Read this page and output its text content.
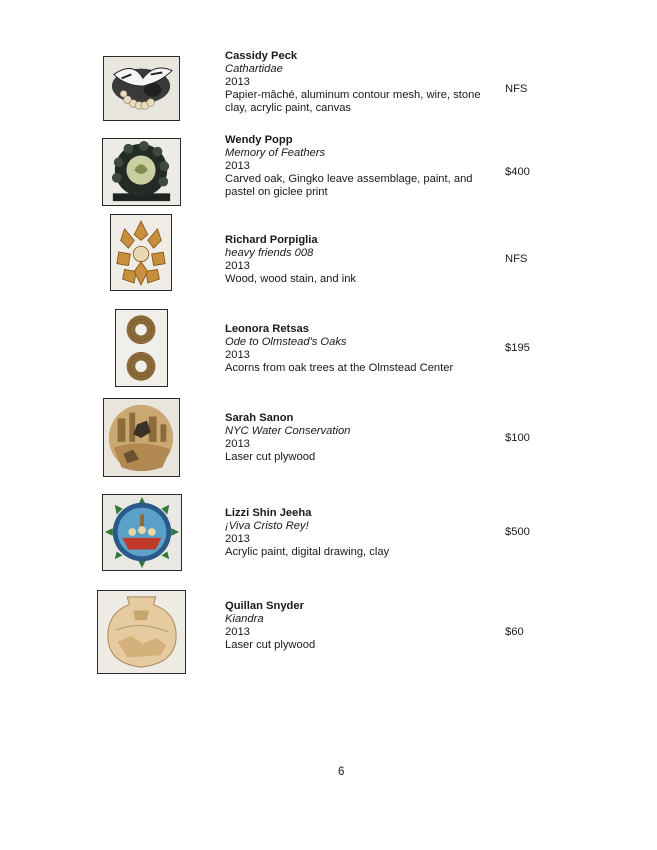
Cassidy Peck
Cathartidae
2013
Papier-mâché, aluminum contour mesh, wire, stone clay, acrylic paint, canvas
NFS
Wendy Popp
Memory of Feathers
2013
Carved oak, Gingko leave assemblage, paint, and pastel on giclee print
$400
Richard Porpiglia
heavy friends 008
2013
Wood, wood stain, and ink
NFS
Leonora Retsas
Ode to Olmstead's Oaks
2013
Acorns from oak trees at the Olmstead Center
$195
Sarah Sanon
NYC Water Conservation
2013
Laser cut plywood
$100
Lizzi Shin Jeeha
¡Viva Cristo Rey!
2013
Acrylic paint, digital drawing, clay
$500
Quillan Snyder
Kiandra
2013
Laser cut plywood
$60
6
